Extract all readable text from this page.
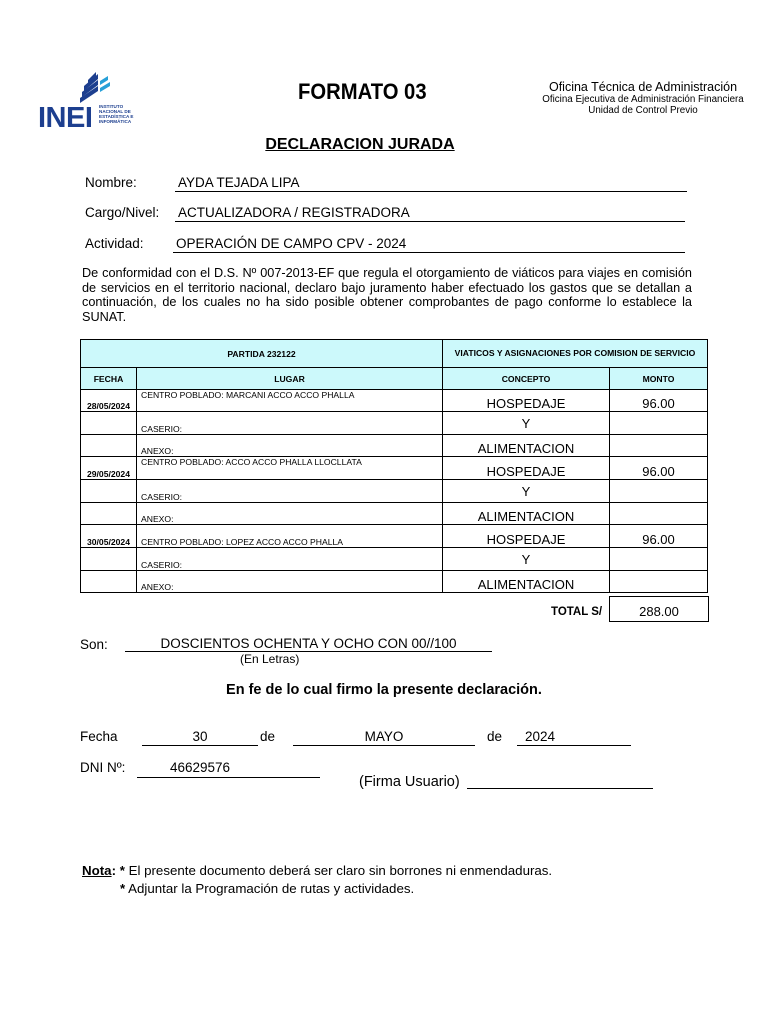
INEI INSTITUTO NACIONAL DE ESTADÍSTICA E INFORMÁTICA
FORMATO 03	Oficina Técnica de Administración
Oficina Ejecutiva de Administración Financiera
Unidad de Control Previo
DECLARACION JURADA
Nombre:	AYDA TEJADA LIPA
Cargo/Nivel: ACTUALIZADORA / REGISTRADORA
Actividad: OPERACIÓN DE CAMPO CPV - 2024
De conformidad con el D.S. Nº 007-2013-EF que regula el otorgamiento de viáticos para viajes en comisión de servicios en el territorio nacional, declaro bajo juramento haber efectuado los gastos que se detallan a continuación, de los cuales no ha sido posible obtener comprobantes de pago conforme lo establece la SUNAT.
PARTIDA 232122		VIATICOS Y ASIGNACIONES POR COMISION DE SERVICIO	
FECHA	LUGAR	CONCEPTO	MONTO
28/05/2024	CENTRO POBLADO: MARCANI ACCO ACCO PHALLA	HOSPEDAJE	96.00
	CASERIO:	Y	
	ANEXO:	ALIMENTACION	
29/05/2024	CENTRO POBLADO: ACCO ACCO PHALLA LLOCLLATA	HOSPEDAJE	96.00
	CASERIO:	Y	
	ANEXO:	ALIMENTACION	
30/05/2024	CENTRO POBLADO: LOPEZ ACCO ACCO PHALLA	HOSPEDAJE	96.00
	CASERIO:	Y	
	ANEXO:	ALIMENTACION	
TOTAL S/	288.00
Son:	DOSCIENTOS OCHENTA Y OCHO CON 00//100
(En Letras)
En fe de lo cual firmo la presente declaración.
Fecha	30	de	MAYO	de	2024
DNI Nº:	46629576
(Firma Usuario)
Nota: * El presente documento deberá ser claro sin borrones ni enmendaduras.
* Adjuntar la Programación de rutas y actividades.
